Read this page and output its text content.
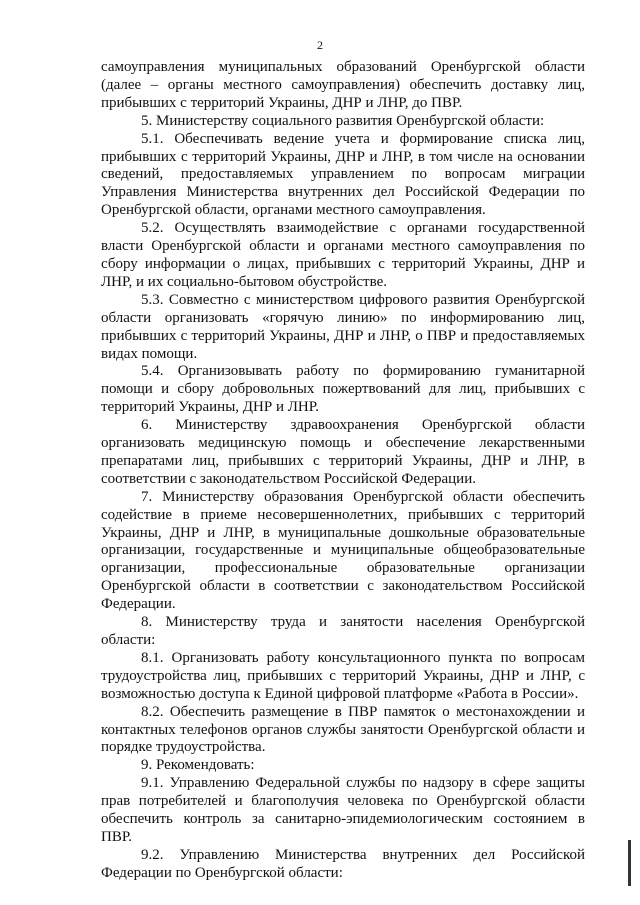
2

самоуправления муниципальных образований Оренбургской области (далее – органы местного самоуправления) обеспечить доставку лиц, прибывших с территорий Украины, ДНР и ЛНР, до ПВР.

5. Министерству социального развития Оренбургской области:

5.1. Обеспечивать ведение учета и формирование списка лиц, прибывших с территорий Украины, ДНР и ЛНР, в том числе на основании сведений, предоставляемых управлением по вопросам миграции Управления Министерства внутренних дел Российской Федерации по Оренбургской области, органами местного самоуправления.

5.2. Осуществлять взаимодействие с органами государственной власти Оренбургской области и органами местного самоуправления по сбору информации о лицах, прибывших с территорий Украины, ДНР и ЛНР, и их социально-бытовом обустройстве.

5.3. Совместно с министерством цифрового развития Оренбургской области организовать «горячую линию» по информированию лиц, прибывших с территорий Украины, ДНР и ЛНР, о ПВР и предоставляемых видах помощи.

5.4. Организовывать работу по формированию гуманитарной помощи и сбору добровольных пожертвований для лиц, прибывших с территорий Украины, ДНР и ЛНР.

6. Министерству здравоохранения Оренбургской области организовать медицинскую помощь и обеспечение лекарственными препаратами лиц, прибывших с территорий Украины, ДНР и ЛНР, в соответствии с законодательством Российской Федерации.

7. Министерству образования Оренбургской области обеспечить содействие в приеме несовершеннолетних, прибывших с территорий Украины, ДНР и ЛНР, в муниципальные дошкольные образовательные организации, государственные и муниципальные общеобразовательные организации, профессиональные образовательные организации Оренбургской области в соответствии с законодательством Российской Федерации.

8. Министерству труда и занятости населения Оренбургской области:

8.1. Организовать работу консультационного пункта по вопросам трудоустройства лиц, прибывших с территорий Украины, ДНР и ЛНР, с возможностью доступа к Единой цифровой платформе «Работа в России».

8.2. Обеспечить размещение в ПВР памяток о местонахождении и контактных телефонов органов службы занятости Оренбургской области и порядке трудоустройства.

9. Рекомендовать:

9.1. Управлению Федеральной службы по надзору в сфере защиты прав потребителей и благополучия человека по Оренбургской области обеспечить контроль за санитарно-эпидемиологическим состоянием в ПВР.

9.2. Управлению Министерства внутренних дел Российской Федерации по Оренбургской области:
